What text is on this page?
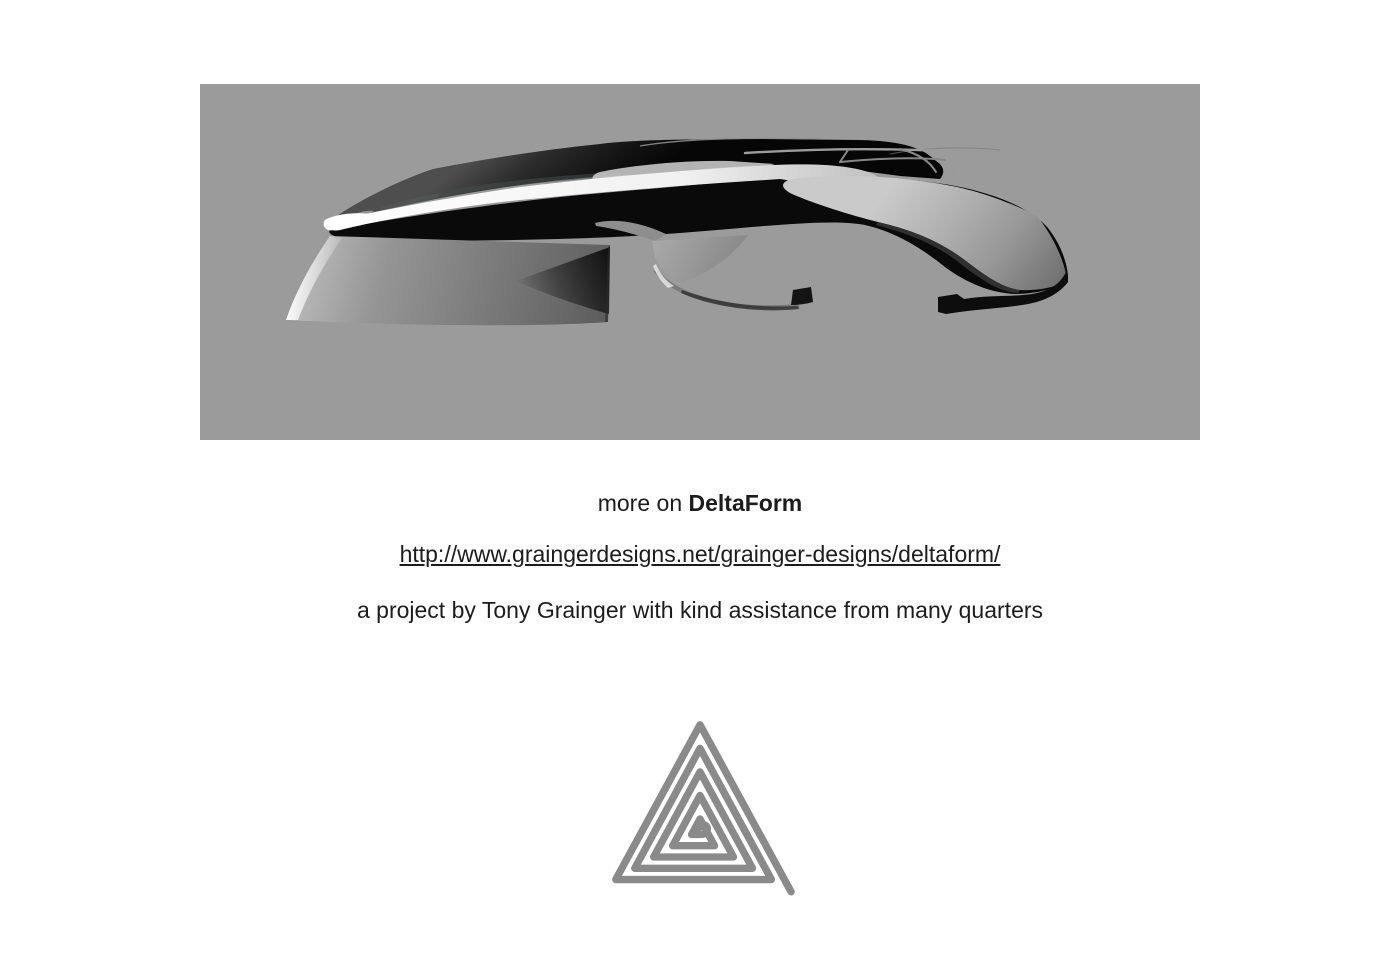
more on DeltaForm

http://www.graingerdesigns.net/grainger-designs/deltaform/

a project by Tony Grainger with kind assistance from many quarters
